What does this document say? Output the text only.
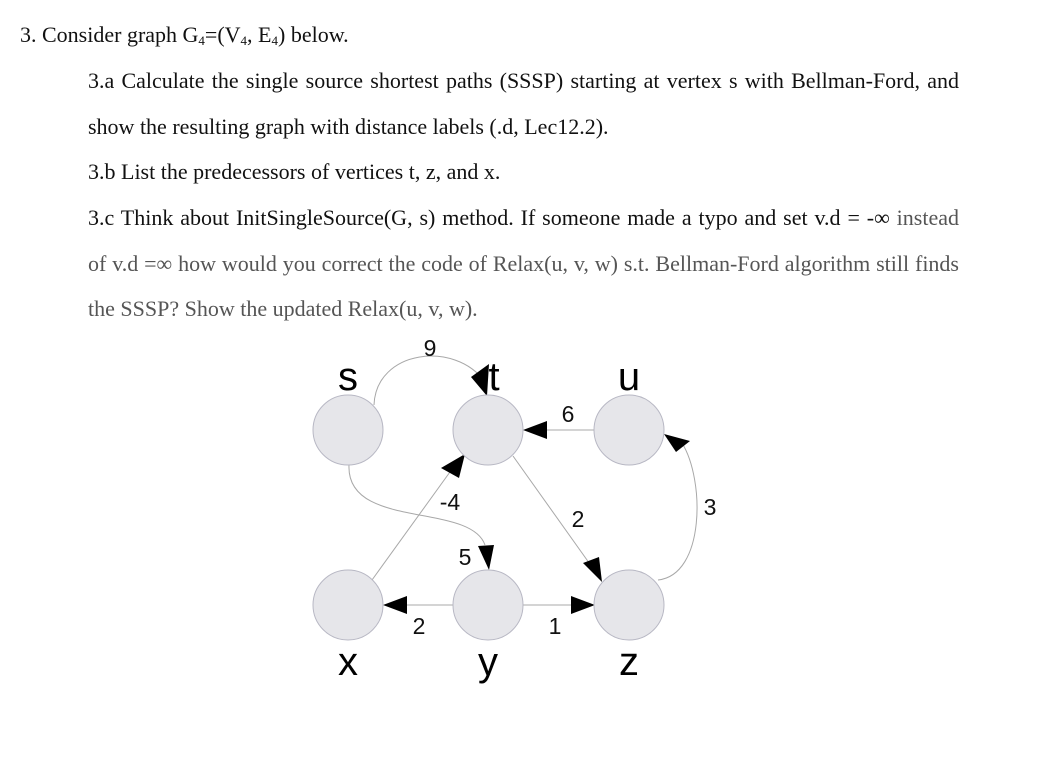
3. Consider graph $G_4=(V_4$, $E_4$) below.
3.a Calculate the single source shortest paths (SSSP) starting at vertex s with Bellman-Ford, and show the resulting graph with distance labels (.d, Lec12.2).
3.b List the predecessors of vertices t, z, and x.
3.c Think about InitSingleSource(G, s) method. If someone made a typo and set v.d = -∞ instead of v.d =∞ how would you correct the code of Relax(u, v, w) s.t. Bellman-Ford algorithm still finds the SSSP? Show the updated Relax(u, v, w).
s	t	u
x	y	z
9
6
-4
2	3
5
2	1
